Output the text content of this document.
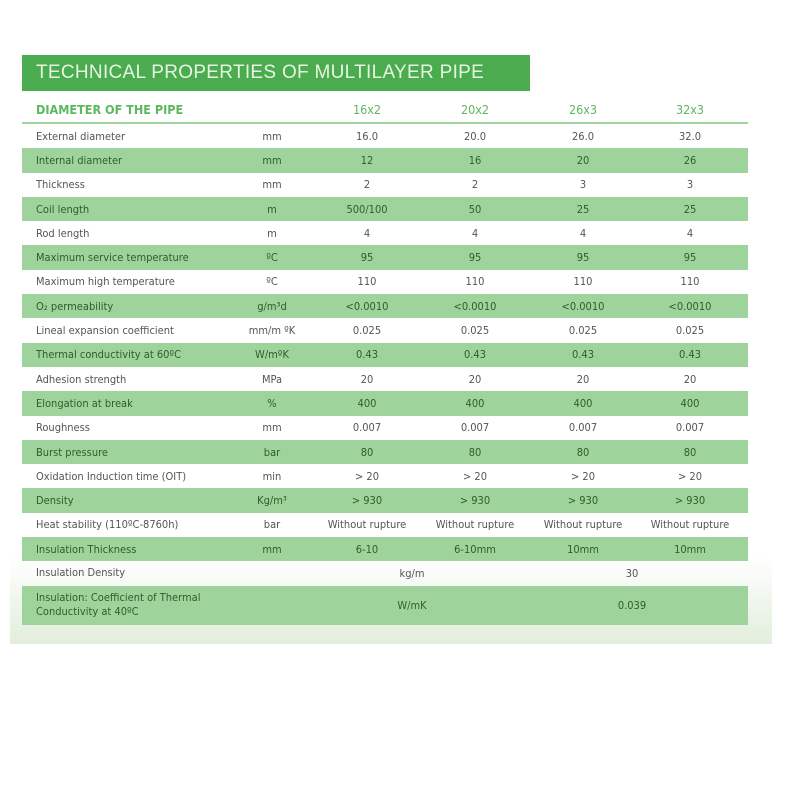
TECHNICAL PROPERTIES OF MULTILAYER PIPE
DIAMETER OF THE PIPE	16x2	20x2	26x3	32x3
External diameter	mm	16.0	20.0	26.0	32.0
Internal diameter	mm	12	16	20	26
Thickness	mm	2	2	3	3
Coil length	m	500/100	50	25	25
Rod length	m	4	4	4	4
Maximum service temperature	ºC	95	95	95	95
Maximum high temperature	ºC	110	110	110	110
O₂ permeability	g/m³d	<0.0010	<0.0010	<0.0010	<0.0010
Lineal expansion coefficient	mm/m ºK	0.025	0.025	0.025	0.025
Thermal conductivity at 60ºC	W/mºK	0.43	0.43	0.43	0.43
Adhesion strength	MPa	20	20	20	20
Elongation at break	%	400	400	400	400
Roughness	mm	0.007	0.007	0.007	0.007
Burst pressure	bar	80	80	80	80
Oxidation Induction time (OIT)	min	> 20	> 20	> 20	> 20
Density	Kg/m³	> 930	> 930	> 930	> 930
Heat stability (110ºC-8760h)	bar	Without rupture	Without rupture	Without rupture	Without rupture
Insulation Thickness	mm	6-10	6-10mm	10mm	10mm
Insulation Density	kg/m	30
Insulation: Coefficient of Thermal Conductivity at 40ºC	W/mK	0.039
